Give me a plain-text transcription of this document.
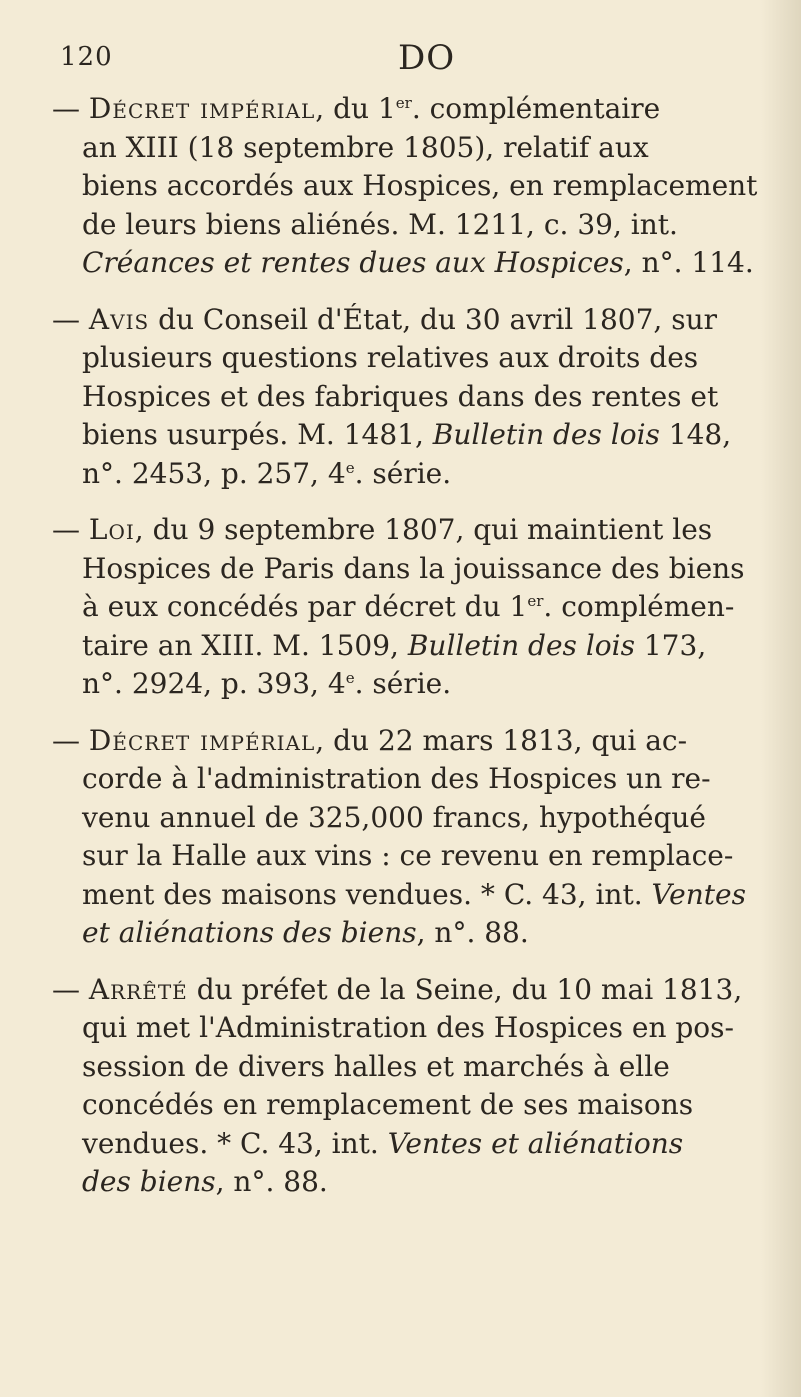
120	DO

— Décret impérial, du 1er. complémentaire
an XIII (18 septembre 1805), relatif aux
biens accordés aux Hospices, en remplacement
de leurs biens aliénés. M. 1211, c. 39, int.
Créances et rentes dues aux Hospices, n°. 114.

— Avis du Conseil d'État, du 30 avril 1807, sur
plusieurs questions relatives aux droits des
Hospices et des fabriques dans des rentes et
biens usurpés. M. 1481, Bulletin des lois 148,
n°. 2453, p. 257, 4e. série.

— Loi, du 9 septembre 1807, qui maintient les
Hospices de Paris dans la jouissance des biens
à eux concédés par décret du 1er. complémen-
taire an XIII. M. 1509, Bulletin des lois 173,
n°. 2924, p. 393, 4e. série.

— Décret impérial, du 22 mars 1813, qui ac-
corde à l'administration des Hospices un re-
venu annuel de 325,000 francs, hypothéqué
sur la Halle aux vins : ce revenu en remplace-
ment des maisons vendues. * C. 43, int. Ventes
et aliénations des biens, n°. 88.

— Arrêté du préfet de la Seine, du 10 mai 1813,
qui met l'Administration des Hospices en pos-
session de divers halles et marchés à elle
concédés en remplacement de ses maisons
vendues. * C. 43, int. Ventes et aliénations
des biens, n°. 88.
